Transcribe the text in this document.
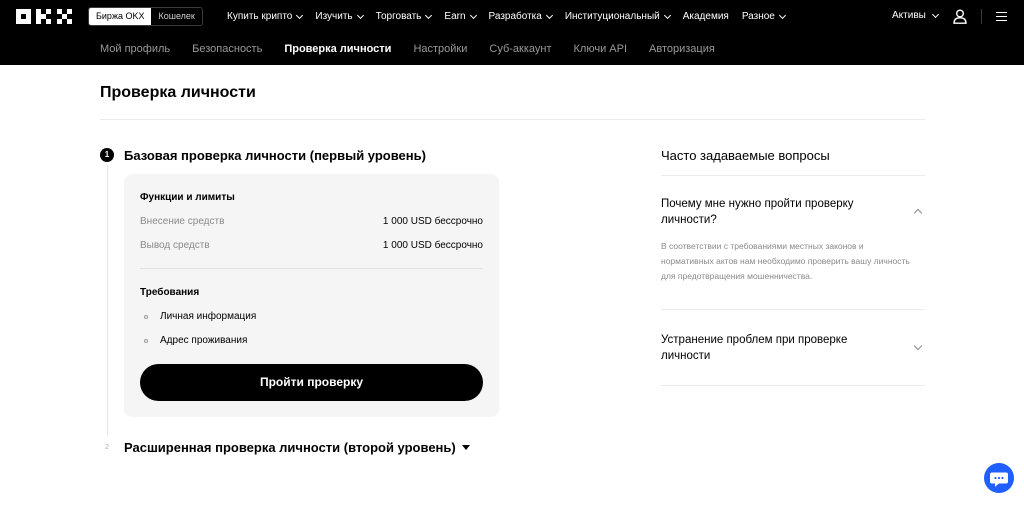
Биржа OKX	Кошелек	Купить крипто Изучить Торговать Earn Разработка Институциональный Академия Разное	Активы
Мой профиль Безопасность Проверка личности Настройки Суб-аккаунт Ключи API Авторизация
Проверка личности
1	Базовая проверка личности (первый уровень)
Функции и лимиты
Внесение средств	1 000 USD бессрочно
Вывод средств	1 000 USD бессрочно
Требования
Личная информация
Адрес проживания
Пройти проверку
2	Расширенная проверка личности (второй уровень)
Часто задаваемые вопросы
Почему мне нужно пройти проверку личности?
В соответствии с требованиями местных законов и нормативных актов нам необходимо проверить вашу личность для предотвращения мошенничества.
Устранение проблем при проверке личности
